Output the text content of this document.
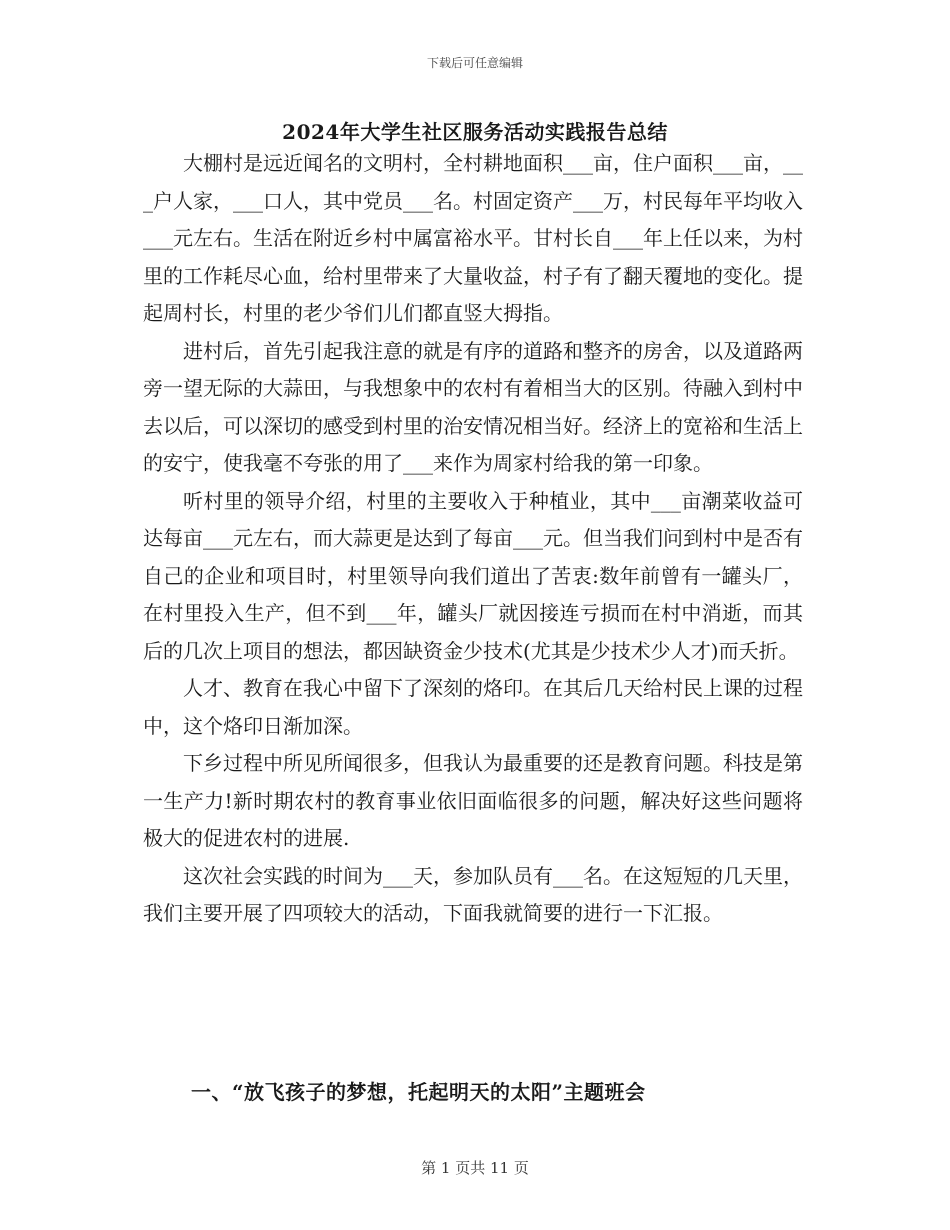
下载后可任意编辑
2024年大学生社区服务活动实践报告总结

大棚村是远近闻名的文明村，全村耕地面积___亩，住户面积___亩，___户人家，___口人，其中党员___名。村固定资产___万，村民每年平均收入___元左右。生活在附近乡村中属富裕水平。甘村长自___年上任以来，为村里的工作耗尽心血，给村里带来了大量收益，村子有了翻天覆地的变化。提起周村长，村里的老少爷们儿们都直竖大拇指。

进村后，首先引起我注意的就是有序的道路和整齐的房舍，以及道路两旁一望无际的大蒜田，与我想象中的农村有着相当大的区别。待融入到村中去以后，可以深切的感受到村里的治安情况相当好。经济上的宽裕和生活上的安宁，使我毫不夸张的用了___来作为周家村给我的第一印象。

听村里的领导介绍，村里的主要收入于种植业，其中___亩潮菜收益可达每亩___元左右，而大蒜更是达到了每亩___元。但当我们问到村中是否有自己的企业和项目时，村里领导向我们道出了苦衷:数年前曾有一罐头厂，在村里投入生产，但不到___年，罐头厂就因接连亏损而在村中消逝，而其后的几次上项目的想法，都因缺资金少技术(尤其是少技术少人才)而夭折。

人才、教育在我心中留下了深刻的烙印。在其后几天给村民上课的过程中，这个烙印日渐加深。

下乡过程中所见所闻很多，但我认为最重要的还是教育问题。科技是第一生产力!新时期农村的教育事业依旧面临很多的问题，解决好这些问题将极大的促进农村的进展.

这次社会实践的时间为___天，参加队员有___名。在这短短的几天里，我们主要开展了四项较大的活动，下面我就简要的进行一下汇报。

一、“放飞孩子的梦想，托起明天的太阳”主题班会
第 1 页共 11 页
